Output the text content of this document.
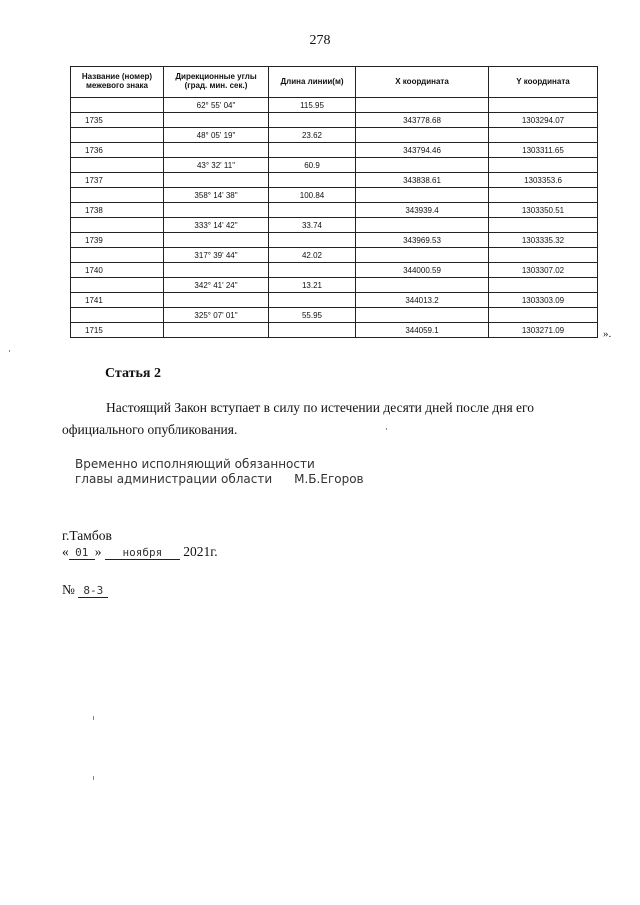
278
Название (номер) межевого знака	Дирекционные углы (град. мин. сек.)	Длина линии(м)	X координата	Y координата
	62° 55' 04"	115.95		
1735			343778.68	1303294.07
	48° 05' 19"	23.62		
1736			343794.46	1303311.65
	43° 32' 11"	60.9		
1737			343838.61	1303353.6
	358° 14' 38"	100.84		
1738			343939.4	1303350.51
	333° 14' 42"	33.74		
1739			343969.53	1303335.32
	317° 39' 44"	42.02		
1740			344000.59	1303307.02
	342° 41' 24"	13.21		
1741			344013.2	1303303.09
	325° 07' 01"	55.95		
1715			344059.1	1303271.09	».
Статья 2

Настоящий Закон вступает в силу по истечении десяти дней после дня его официального опубликования.

Временно исполняющий обязанности
главы администрации области М.Б.Егоров
г.Тамбов
« 01 » ноября 2021г.
№ 8-З
